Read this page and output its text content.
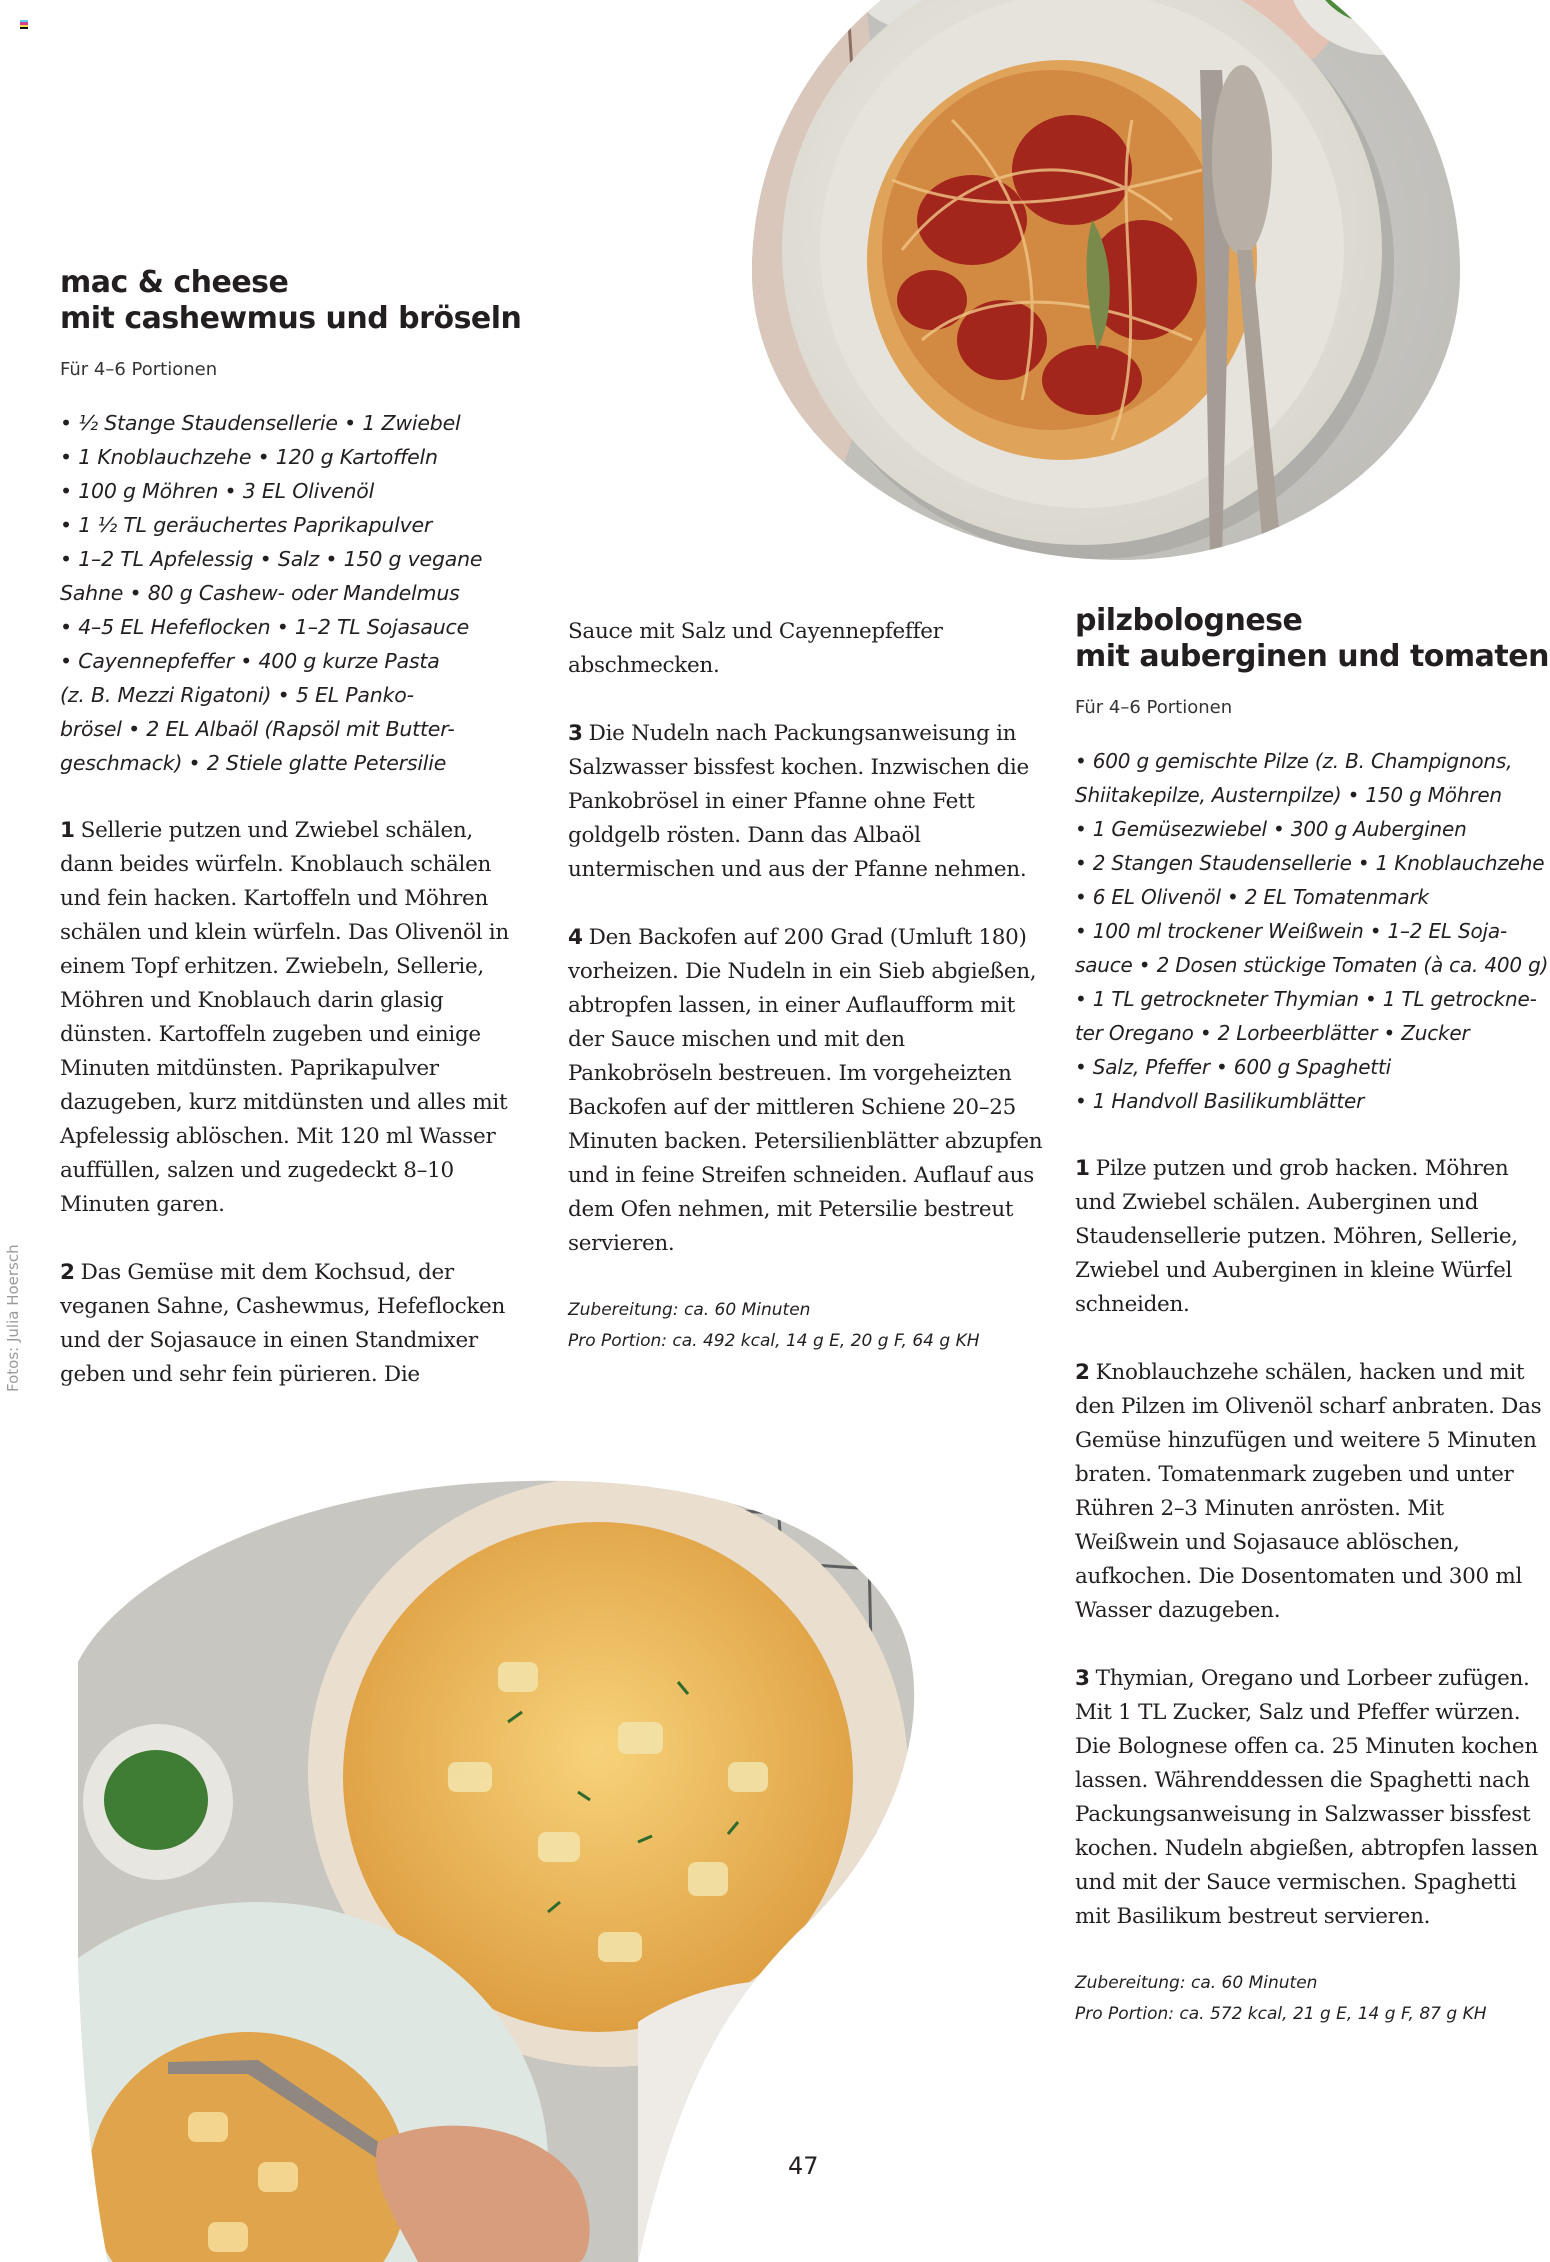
mac & cheese
mit cashewmus und bröseln

Für 4–6 Portionen

• ½ Stange Staudensellerie • 1 Zwiebel
• 1 Knoblauchzehe • 120 g Kartoffeln
• 100 g Möhren • 3 EL Olivenöl
• 1 ½ TL geräuchertes Paprikapulver
• 1–2 TL Apfelessig • Salz • 150 g vegane
Sahne • 80 g Cashew- oder Mandelmus
• 4–5 EL Hefeflocken • 1–2 TL Sojasauce
• Cayennepfeffer • 400 g kurze Pasta
(z. B. Mezzi Rigatoni) • 5 EL Panko-
brösel • 2 EL Albaöl (Rapsöl mit Butter-
geschmack) • 2 Stiele glatte Petersilie

1 Sellerie putzen und Zwiebel schälen, dann beides würfeln. Knoblauch schälen und fein hacken. Kartoffeln und Möhren schälen und klein würfeln. Das Olivenöl in einem Topf erhitzen. Zwiebeln, Sellerie, Möhren und Knoblauch darin glasig dünsten. Kartoffeln zugeben und einige Minuten mitdünsten. Paprikapulver dazugeben, kurz mitdünsten und alles mit Apfelessig ablöschen. Mit 120 ml Wasser auffüllen, salzen und zugedeckt 8–10 Minuten garen.

2 Das Gemüse mit dem Kochsud, der veganen Sahne, Cashewmus, Hefeflocken und der Sojasauce in einen Standmixer geben und sehr fein pürieren. Die

Sauce mit Salz und Cayennepfeffer abschmecken.

3 Die Nudeln nach Packungsanweisung in Salzwasser bissfest kochen. Inzwischen die Pankobrösel in einer Pfanne ohne Fett goldgelb rösten. Dann das Albaöl untermischen und aus der Pfanne nehmen.

4 Den Backofen auf 200 Grad (Umluft 180) vorheizen. Die Nudeln in ein Sieb abgießen, abtropfen lassen, in einer Auflaufform mit der Sauce mischen und mit den Pankobröseln bestreuen. Im vorgeheizten Backofen auf der mittleren Schiene 20–25 Minuten backen. Petersilienblätter abzupfen und in feine Streifen schneiden. Auflauf aus dem Ofen nehmen, mit Petersilie bestreut servieren.

Zubereitung: ca. 60 Minuten

Pro Portion: ca. 492 kcal, 14 g E, 20 g F, 64 g KH

pilzbolognese
mit auberginen und tomaten

Für 4–6 Portionen

• 600 g gemischte Pilze (z. B. Champignons,
Shiitakepilze, Austernpilze) • 150 g Möhren
• 1 Gemüsezwiebel • 300 g Auberginen
• 2 Stangen Staudensellerie • 1 Knoblauchzehe
• 6 EL Olivenöl • 2 EL Tomatenmark
• 100 ml trockener Weißwein • 1–2 EL Soja-
sauce • 2 Dosen stückige Tomaten (à ca. 400 g)
• 1 TL getrockneter Thymian • 1 TL getrockne-
ter Oregano • 2 Lorbeerblätter • Zucker
• Salz, Pfeffer • 600 g Spaghetti
• 1 Handvoll Basilikumblätter

1 Pilze putzen und grob hacken. Möhren und Zwiebel schälen. Auberginen und Staudensellerie putzen. Möhren, Sellerie, Zwiebel und Auberginen in kleine Würfel schneiden.

2 Knoblauchzehe schälen, hacken und mit den Pilzen im Olivenöl scharf anbraten. Das Gemüse hinzufügen und weitere 5 Minuten braten. Tomatenmark zugeben und unter Rühren 2–3 Minuten anrösten. Mit Weißwein und Sojasauce ablöschen, aufkochen. Die Dosentomaten und 300 ml Wasser dazugeben.

3 Thymian, Oregano und Lorbeer zufügen. Mit 1 TL Zucker, Salz und Pfeffer würzen. Die Bolognese offen ca. 25 Minuten kochen lassen. Währenddessen die Spaghetti nach Packungsanweisung in Salzwasser bissfest kochen. Nudeln abgießen, abtropfen lassen und mit der Sauce vermischen. Spaghetti mit Basilikum bestreut servieren.

Zubereitung: ca. 60 Minuten

Pro Portion: ca. 572 kcal, 21 g E, 14 g F, 87 g KH

Fotos: Julia Hoersch
47
